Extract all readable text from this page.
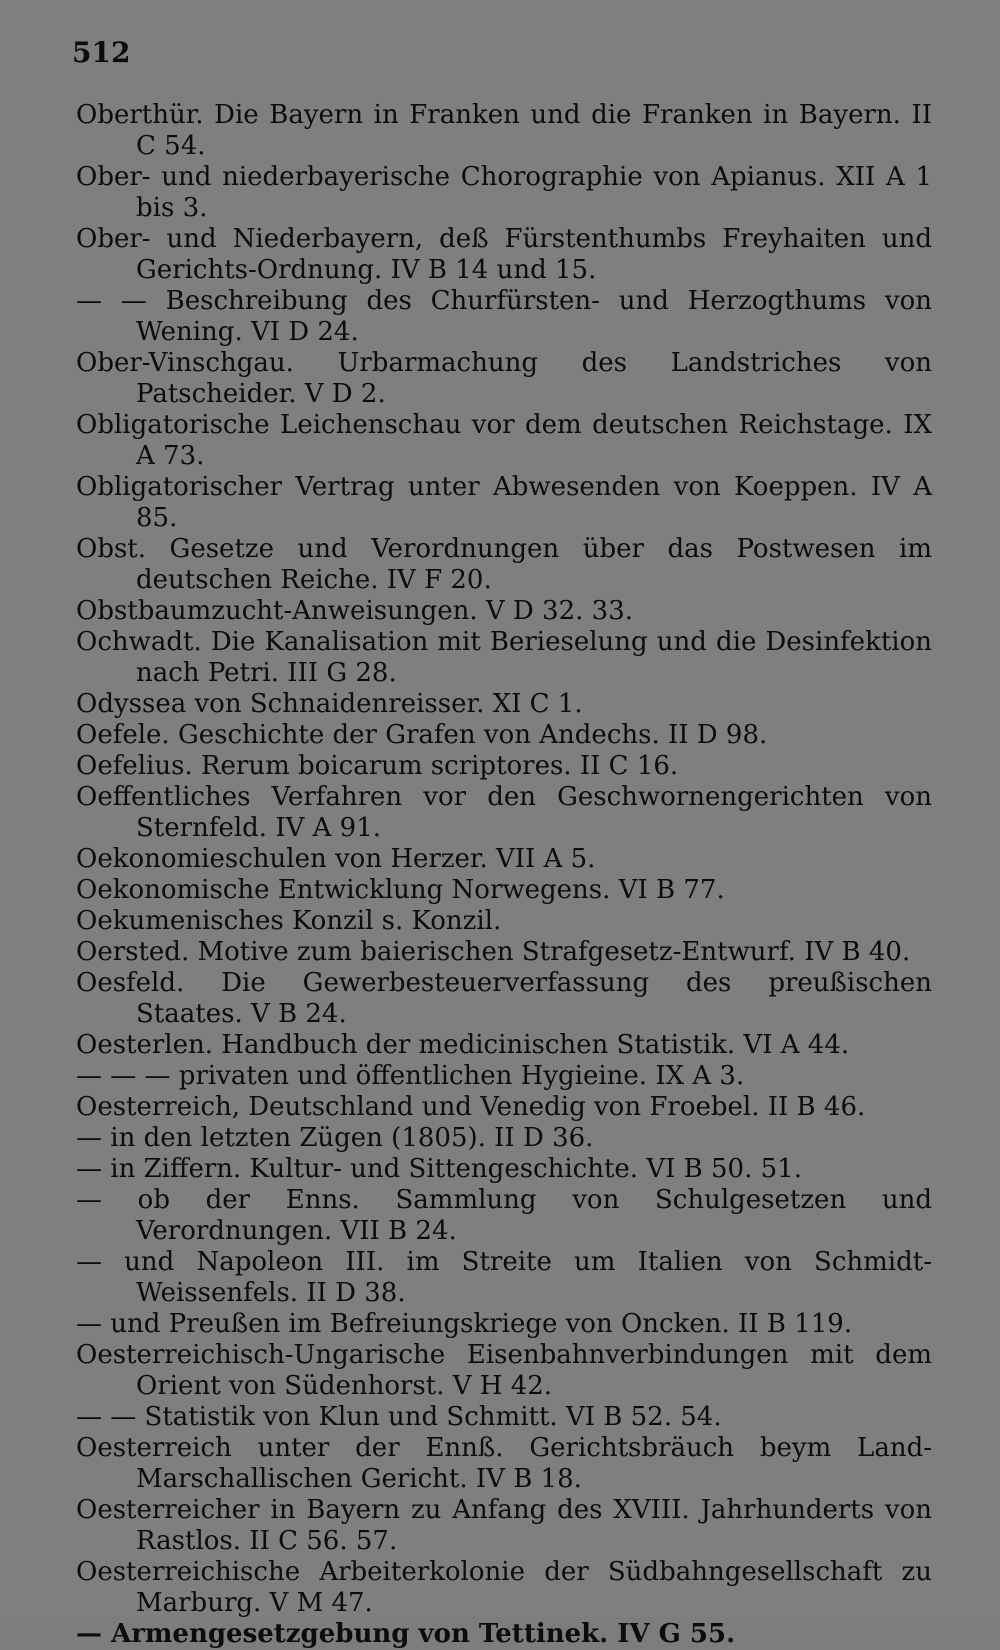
512
Oberthür. Die Bayern in Franken und die Franken in Bayern. II C 54.
Ober- und niederbayerische Chorographie von Apianus. XII A 1 bis 3.
Ober- und Niederbayern, deß Fürstenthumbs Freyhaiten und Gerichts-Ordnung. IV B 14 und 15.
— — Beschreibung des Churfürsten- und Herzogthums von Wening. VI D 24.
Ober-Vinschgau. Urbarmachung des Landstriches von Patscheider. V D 2.
Obligatorische Leichenschau vor dem deutschen Reichstage. IX A 73.
Obligatorischer Vertrag unter Abwesenden von Koeppen. IV A 85.
Obst. Gesetze und Verordnungen über das Postwesen im deutschen Reiche. IV F 20.
Obstbaumzucht-Anweisungen. V D 32. 33.
Ochwadt. Die Kanalisation mit Berieselung und die Desinfektion nach Petri. III G 28.
Odyssea von Schnaidenreisser. XI C 1.
Oefele. Geschichte der Grafen von Andechs. II D 98.
Oefelius. Rerum boicarum scriptores. II C 16.
Oeffentliches Verfahren vor den Geschwornengerichten von Sternfeld. IV A 91.
Oekonomieschulen von Herzer. VII A 5.
Oekonomische Entwicklung Norwegens. VI B 77.
Oekumenisches Konzil s. Konzil.
Oersted. Motive zum baierischen Strafgesetz-Entwurf. IV B 40.
Oesfeld. Die Gewerbesteuerverfassung des preußischen Staates. V B 24.
Oesterlen. Handbuch der medicinischen Statistik. VI A 44.
— — — privaten und öffentlichen Hygieine. IX A 3.
Oesterreich, Deutschland und Venedig von Froebel. II B 46.
— in den letzten Zügen (1805). II D 36.
— in Ziffern. Kultur- und Sittengeschichte. VI B 50. 51.
— ob der Enns. Sammlung von Schulgesetzen und Verordnungen. VII B 24.
— und Napoleon III. im Streite um Italien von Schmidt-Weissenfels. II D 38.
— und Preußen im Befreiungskriege von Oncken. II B 119.
Oesterreichisch-Ungarische Eisenbahnverbindungen mit dem Orient von Südenhorst. V H 42.
— — Statistik von Klun und Schmitt. VI B 52. 54.
Oesterreich unter der Ennß. Gerichtsbräuch beym Land-Marschallischen Gericht. IV B 18.
Oesterreicher in Bayern zu Anfang des XVIII. Jahrhunderts von Rastlos. II C 56. 57.
Oesterreichische Arbeiterkolonie der Südbahngesellschaft zu Marburg. V M 47.
— Armengesetzgebung von Tettinek. IV G 55.
